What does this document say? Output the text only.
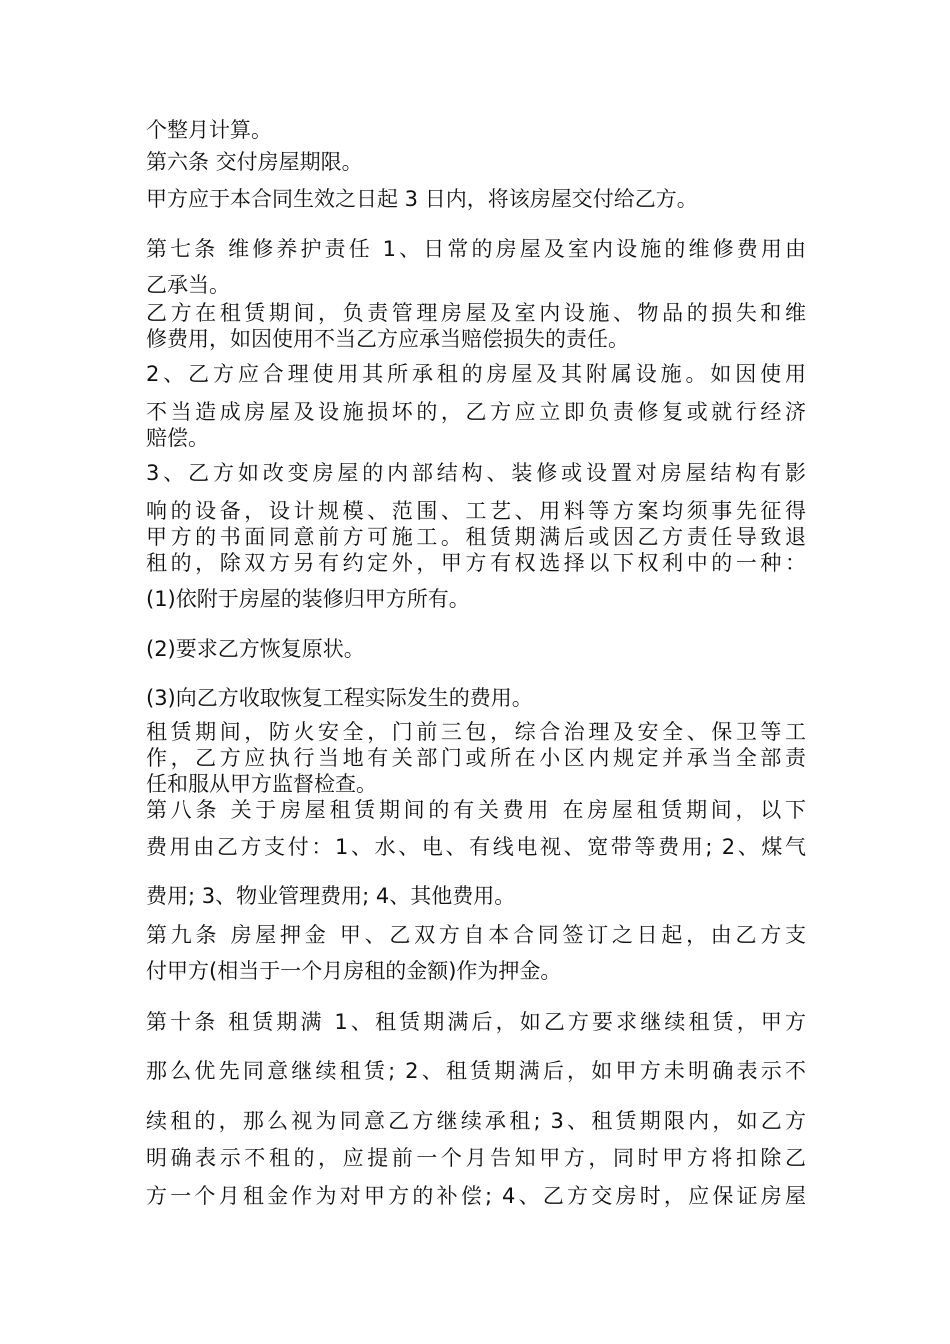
个整月计算。

第六条 交付房屋期限。

甲方应于本合同生效之日起 3 日内，将该房屋交付给乙方。

第七条 维修养护责任 1、日常的房屋及室内设施的维修费用由

乙承当。

乙方在租赁期间，负责管理房屋及室内设施、物品的损失和维

修费用，如因使用不当乙方应承当赔偿损失的责任。

2、乙方应合理使用其所承租的房屋及其附属设施。如因使用

不当造成房屋及设施损坏的，乙方应立即负责修复或就行经济

赔偿。

3、乙方如改变房屋的内部结构、装修或设置对房屋结构有影

响的设备，设计规模、范围、工艺、用料等方案均须事先征得

甲方的书面同意前方可施工。租赁期满后或因乙方责任导致退

租的，除双方另有约定外，甲方有权选择以下权利中的一种：

(1)依附于房屋的装修归甲方所有。

(2)要求乙方恢复原状。

(3)向乙方收取恢复工程实际发生的费用。

租赁期间，防火安全，门前三包，综合治理及安全、保卫等工

作，乙方应执行当地有关部门或所在小区内规定并承当全部责

任和服从甲方监督检查。

第八条 关于房屋租赁期间的有关费用 在房屋租赁期间，以下

费用由乙方支付：1、水、电、有线电视、宽带等费用; 2、煤气

费用; 3、物业管理费用; 4、其他费用。

第九条 房屋押金 甲、乙双方自本合同签订之日起，由乙方支

付甲方(相当于一个月房租的金额)作为押金。

第十条 租赁期满 1、租赁期满后，如乙方要求继续租赁，甲方

那么优先同意继续租赁; 2、租赁期满后，如甲方未明确表示不

续租的，那么视为同意乙方继续承租; 3、租赁期限内，如乙方

明确表示不租的，应提前一个月告知甲方，同时甲方将扣除乙

方一个月租金作为对甲方的补偿; 4、乙方交房时，应保证房屋
